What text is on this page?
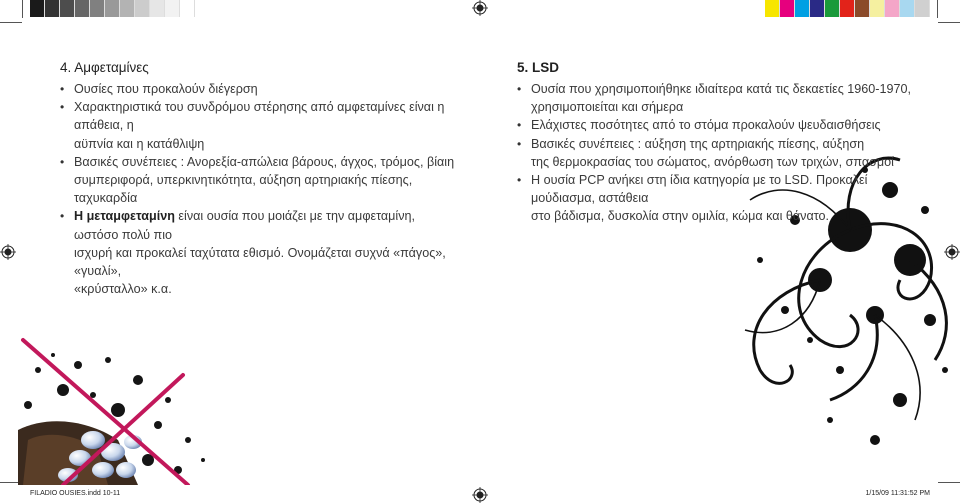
4. Αμφεταμίνες
• Ουσίες που προκαλούν διέγερση
• Χαρακτηριστικά του συνδρόμου στέρησης από αμφεταμίνες είναι η απάθεια, η
αϋπνία και η κατάθλιψη
• Βασικές συνέπειες : Ανορεξία-απώλεια βάρους, άγχος, τρόμος, βίαιη
συμπεριφορά, υπερκινητικότητα, αύξηση αρτηριακής πίεσης, ταχυκαρδία
• Η μεταμφεταμίνη είναι ουσία που μοιάζει με την αμφεταμίνη, ωστόσο πολύ πιο
ισχυρή και προκαλεί ταχύτατα εθισμό. Ονομάζεται συχνά «πάγος», «γυαλί»,
«κρύσταλλο» κ.α.
5. LSD
• Ουσία που χρησιμοποιήθηκε ιδιαίτερα κατά τις δεκαετίες 1960-1970,
χρησιμοποιείται και σήμερα
• Ελάχιστες ποσότητες από το στόμα προκαλούν ψευδαισθήσεις
• Βασικές συνέπειες : αύξηση της αρτηριακής πίεσης, αύξηση
της θερμοκρασίας του σώματος, ανόρθωση των τριχών, σπασμοί
• Η ουσία PCP ανήκει στη ίδια κατηγορία με το LSD. Προκαλεί μούδιασμα, αστάθεια
στο βάδισμα, δυσκολία στην ομιλία, κώμα και θάνατο.
FILADIO OUSIES.indd 10-11	1/15/09 11:31:52 PM
